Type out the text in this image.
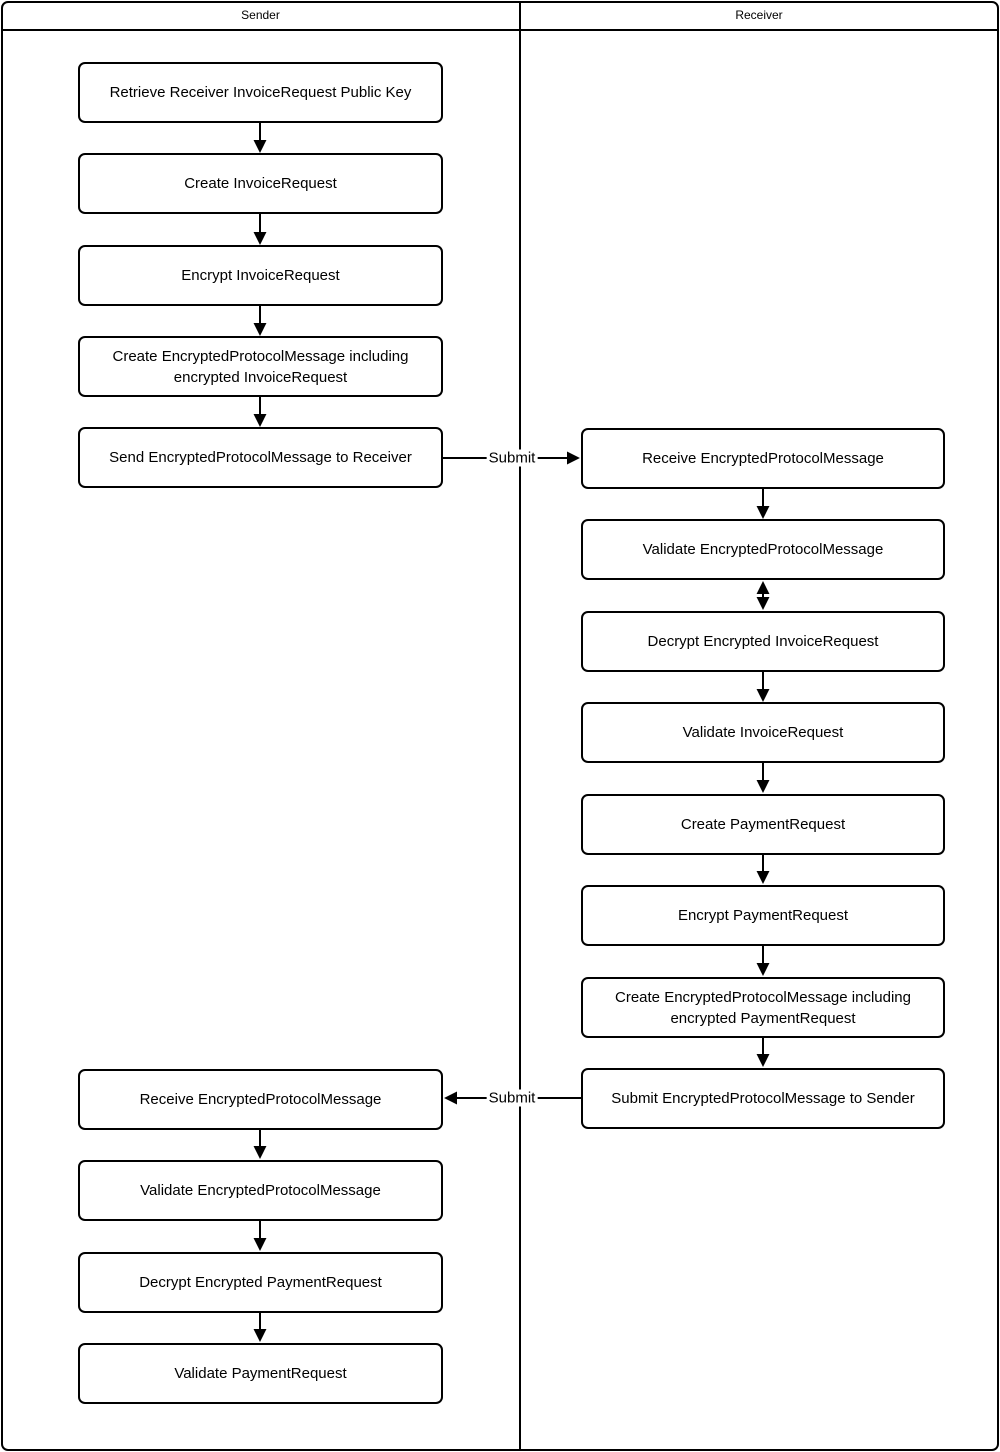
Sender	Receiver
Retrieve Receiver InvoiceRequest Public Key
Create InvoiceRequest
Encrypt InvoiceRequest
Create EncryptedProtocolMessage including encrypted InvoiceRequest
Send EncryptedProtocolMessage to Receiver
Receive EncryptedProtocolMessage
Validate EncryptedProtocolMessage
Decrypt Encrypted PaymentRequest
Validate PaymentRequest
Receive EncryptedProtocolMessage
Validate EncryptedProtocolMessage
Decrypt Encrypted InvoiceRequest
Validate InvoiceRequest
Create PaymentRequest
Encrypt PaymentRequest
Create EncryptedProtocolMessage including encrypted PaymentRequest
Submit EncryptedProtocolMessage to Sender
Submit
Submit
